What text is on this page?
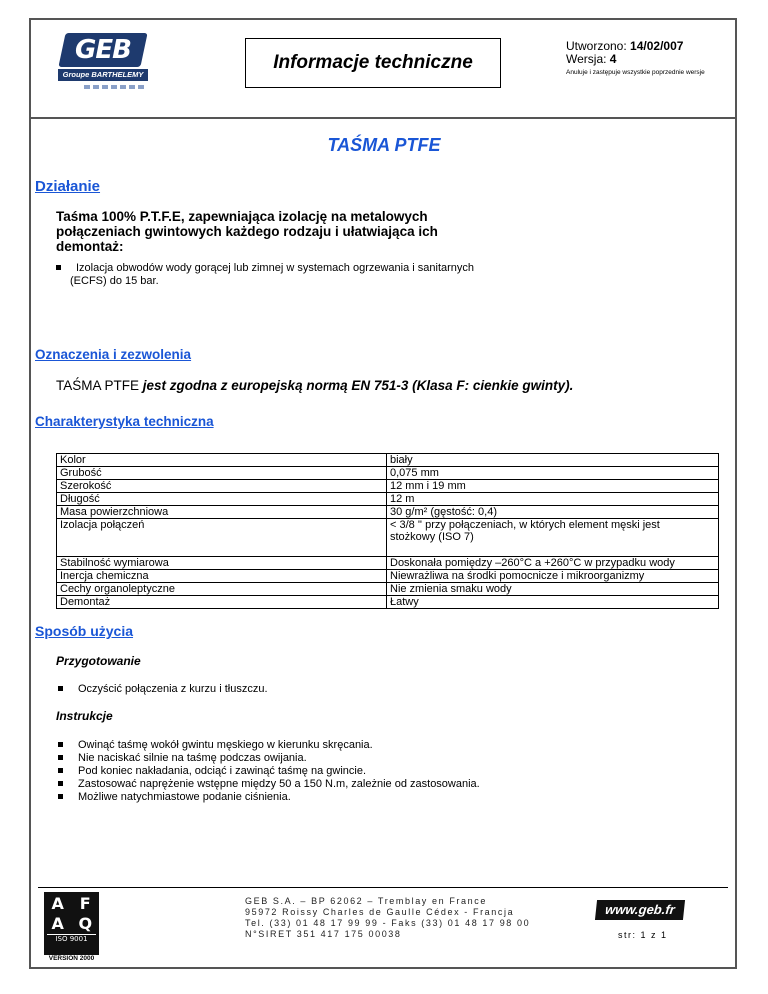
GEB
Groupe BARTHELEMY
Informacje techniczne
Utworzono: 14/02/007
Wersja: 4
Anuluje i zastępuje wszystkie poprzednie wersje
TAŚMA PTFE
Działanie
Taśma 100% P.T.F.E, zapewniająca izolację na metalowych
połączeniach gwintowych każdego rodzaju i ułatwiająca ich
demontaż:
Izolacja obwodów wody gorącej lub zimnej w systemach ogrzewania i sanitarnych
(ECFS) do 15 bar.
Oznaczenia i zezwolenia
TAŚMA PTFE jest zgodna z europejską normą EN 751-3 (Klasa F: cienkie gwinty).
Charakterystyka techniczna
Kolor	biały
Grubość	0,075 mm
Szerokość	12 mm i 19 mm
Długość	12 m
Masa powierzchniowa	30 g/m² (gęstość: 0,4)
Izolacja połączeń	< 3/8 '' przy połączeniach, w których element męski jest
stożkowy (ISO 7)

Stabilność wymiarowa	Doskonała pomiędzy –260°C a +260°C w przypadku wody
Inercja chemiczna	Niewrażliwa na środki pomocnicze i mikroorganizmy
Cechy organoleptyczne	Nie zmienia smaku wody
Demontaż	Łatwy
Sposób użycia
Przygotowanie
Oczyścić połączenia z kurzu i tłuszczu.
Instrukcje
Owinąć taśmę wokół gwintu męskiego w kierunku skręcania.
Nie naciskać silnie na taśmę podczas owijania.
Pod koniec nakładania, odciąć i zawinąć taśmę na gwincie.
Zastosować naprężenie wstępne między 50 a 150 N.m, zależnie od zastosowania.
Możliwe natychmiastowe podanie ciśnienia.
A F
A Q
ISO 9001
VERSION 2000
GEB S.A. – BP 62062 – Tremblay en France
95972 Roissy Charles de Gaulle Cédex - Francja
Tel. (33) 01 48 17 99 99 - Faks (33) 01 48 17 98 00
N°SIRET 351 417 175 00038
www.geb.fr
str: 1 z 1
